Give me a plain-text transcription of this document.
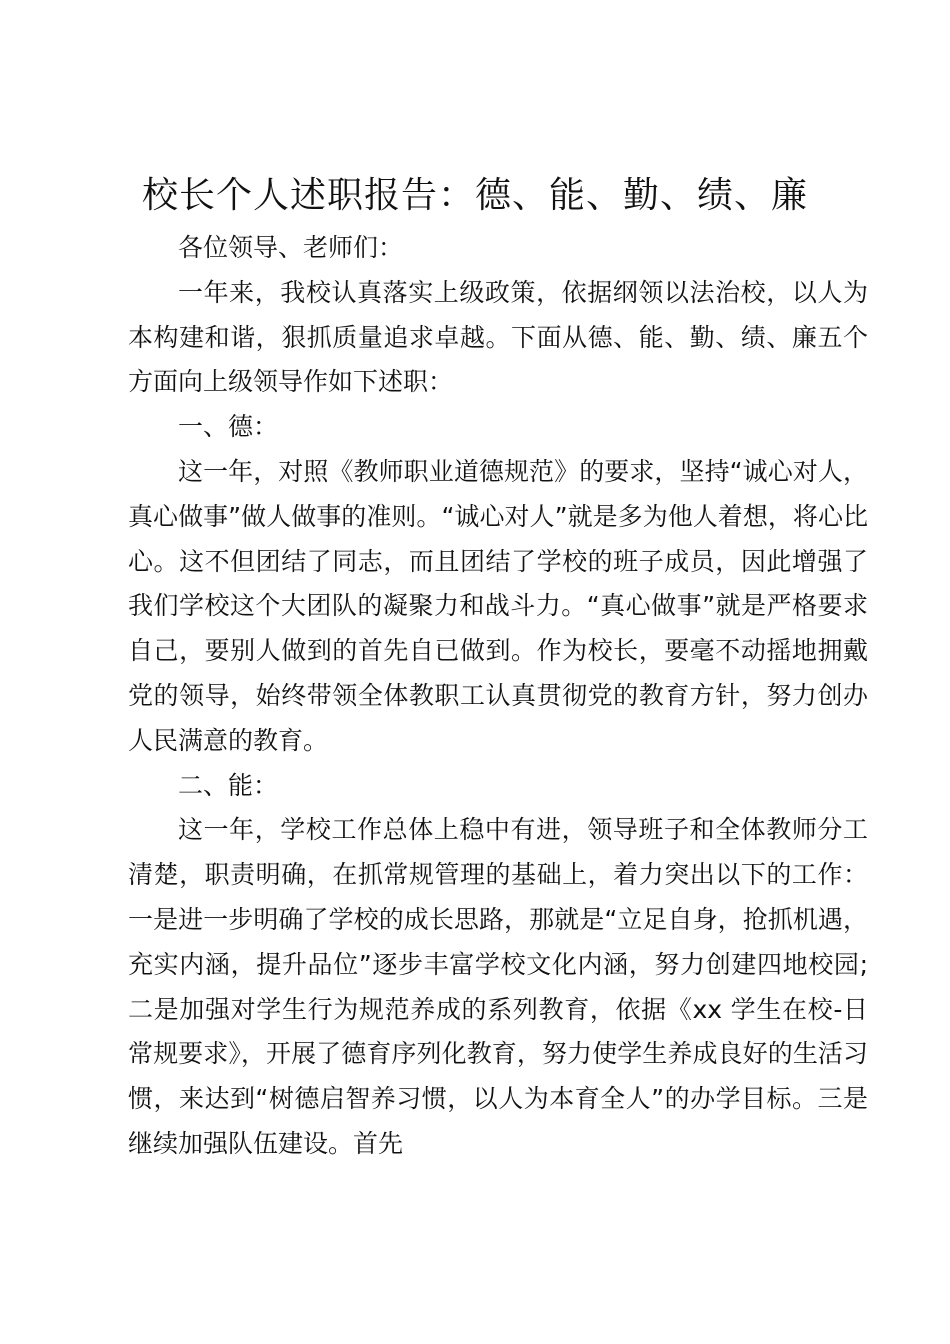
校长个人述职报告：德、能、勤、绩、廉

各位领导、老师们：

一年来，我校认真落实上级政策，依据纲领以法治校，以人为本构建和谐，狠抓质量追求卓越。下面从德、能、勤、绩、廉五个方面向上级领导作如下述职：

一、德：

这一年，对照《教师职业道德规范》的要求，坚持“诚心对人，真心做事”做人做事的准则。“诚心对人”就是多为他人着想，将心比心。这不但团结了同志，而且团结了学校的班子成员，因此增强了我们学校这个大团队的凝聚力和战斗力。“真心做事”就是严格要求自己，要别人做到的首先自已做到。作为校长，要毫不动摇地拥戴党的领导，始终带领全体教职工认真贯彻党的教育方针，努力创办人民满意的教育。

二、能：

这一年，学校工作总体上稳中有进，领导班子和全体教师分工清楚，职责明确，在抓常规管理的基础上，着力突出以下的工作：一是进一步明确了学校的成长思路，那就是“立足自身，抢抓机遇，充实内涵，提升品位”逐步丰富学校文化内涵，努力创建四地校园;二是加强对学生行为规范养成的系列教育，依据《xx 学生在校-日常规要求》，开展了德育序列化教育，努力使学生养成良好的生活习惯，来达到“树德启智养习惯，以人为本育全人”的办学目标。三是继续加强队伍建设。首先
